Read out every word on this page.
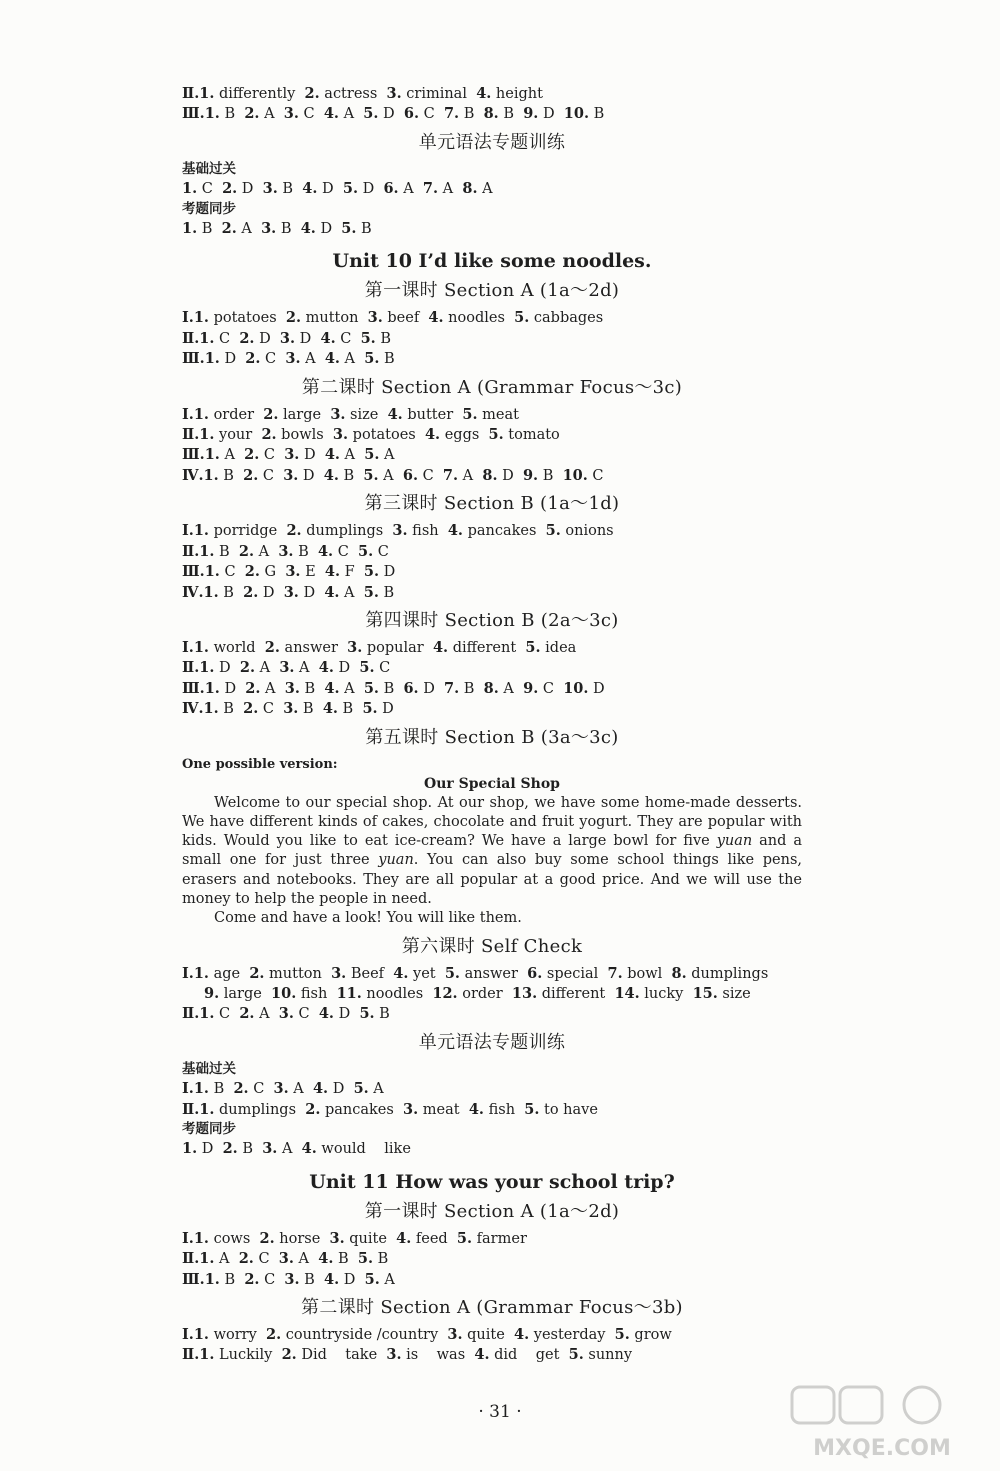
Ⅱ.1. differently  2. actress  3. criminal  4. height
Ⅲ.1. B  2. A  3. C  4. A  5. D  6. C  7. B  8. B  9. D  10. B
单元语法专题训练
基础过关
1. C  2. D  3. B  4. D  5. D  6. A  7. A  8. A
考题同步
1. B  2. A  3. B  4. D  5. B
Unit 10 I’d like some noodles.
第一课时 Section A (1a～2d)
Ⅰ.1. potatoes  2. mutton  3. beef  4. noodles  5. cabbages
Ⅱ.1. C  2. D  3. D  4. C  5. B
Ⅲ.1. D  2. C  3. A  4. A  5. B
第二课时 Section A (Grammar Focus～3c)
Ⅰ.1. order  2. large  3. size  4. butter  5. meat
Ⅱ.1. your  2. bowls  3. potatoes  4. eggs  5. tomato
Ⅲ.1. A  2. C  3. D  4. A  5. A
Ⅳ.1. B  2. C  3. D  4. B  5. A  6. C  7. A  8. D  9. B  10. C
第三课时 Section B (1a～1d)
Ⅰ.1. porridge  2. dumplings  3. fish  4. pancakes  5. onions
Ⅱ.1. B  2. A  3. B  4. C  5. C
Ⅲ.1. C  2. G  3. E  4. F  5. D
Ⅳ.1. B  2. D  3. D  4. A  5. B
第四课时 Section B (2a～3c)
Ⅰ.1. world  2. answer  3. popular  4. different  5. idea
Ⅱ.1. D  2. A  3. A  4. D  5. C
Ⅲ.1. D  2. A  3. B  4. A  5. B  6. D  7. B  8. A  9. C  10. D
Ⅳ.1. B  2. C  3. B  4. B  5. D
第五课时 Section B (3a～3c)
One possible version:
Our Special Shop

Welcome to our special shop. At our shop, we have some home-made desserts. We have different kinds of cakes, chocolate and fruit yogurt. They are popular with kids. Would you like to eat ice-cream? We have a large bowl for five yuan and a small one for just three yuan. You can also buy some school things like pens, erasers and notebooks. They are all popular at a good price. And we will use the money to help the people in need.

Come and have a look! You will like them.

第六课时 Self Check
Ⅰ.1. age  2. mutton  3. Beef  4. yet  5. answer  6. special  7. bowl  8. dumplings
9. large  10. fish  11. noodles  12. order  13. different  14. lucky  15. size
Ⅱ.1. C  2. A  3. C  4. D  5. B
单元语法专题训练
基础过关
Ⅰ.1. B  2. C  3. A  4. D  5. A
Ⅱ.1. dumplings  2. pancakes  3. meat  4. fish  5. to have
考题同步
1. D  2. B  3. A  4. would    like
Unit 11 How was your school trip?
第一课时 Section A (1a～2d)
Ⅰ.1. cows  2. horse  3. quite  4. feed  5. farmer
Ⅱ.1. A  2. C  3. A  4. B  5. B
Ⅲ.1. B  2. C  3. B  4. D  5. A
第二课时 Section A (Grammar Focus～3b)
Ⅰ.1. worry  2. countryside /country  3. quite  4. yesterday  5. grow
Ⅱ.1. Luckily  2. Did    take  3. is    was  4. did    get  5. sunny
· 31 ·
MXQE.COM
